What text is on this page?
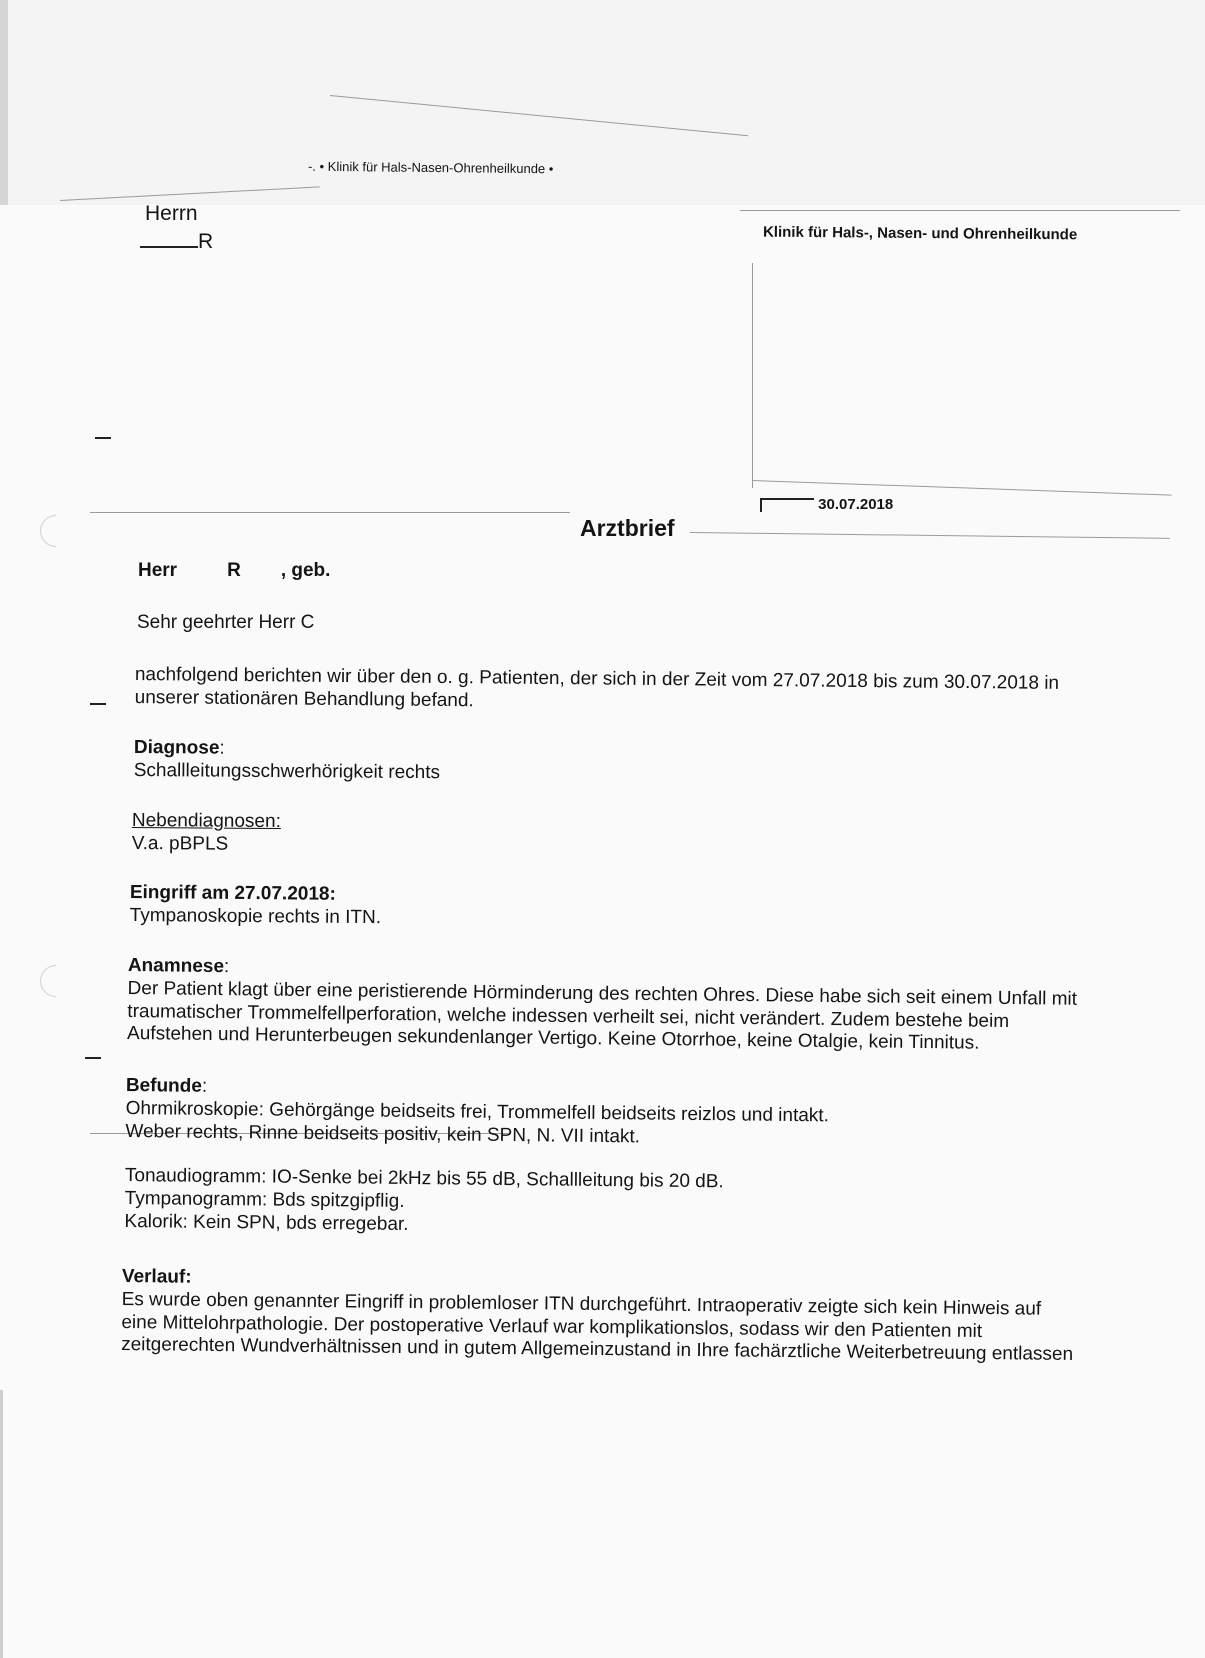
-. • Klinik für Hals-Nasen-Ohrenheilkunde •
Herrn
R	Klinik für Hals-, Nasen- und Ohrenheilkunde
30.07.2018
Arztbrief
Herr	R , geb.
Sehr geehrter Herr C
nachfolgend berichten wir über den o. g. Patienten, der sich in der Zeit vom 27.07.2018 bis zum 30.07.2018 in
unserer stationären Behandlung befand.
Diagnose:
Schallleitungsschwerhörigkeit rechts
Nebendiagnosen:
V.a. pBPLS
Eingriff am 27.07.2018:
Tympanoskopie rechts in ITN.
Anamnese:
Der Patient klagt über eine peristierende Hörminderung des rechten Ohres. Diese habe sich seit einem Unfall mit
traumatischer Trommelfellperforation, welche indessen verheilt sei, nicht verändert. Zudem bestehe beim
Aufstehen und Herunterbeugen sekundenlanger Vertigo. Keine Otorrhoe, keine Otalgie, kein Tinnitus.
Befunde:
Ohrmikroskopie: Gehörgänge beidseits frei, Trommelfell beidseits reizlos und intakt.
Weber rechts, Rinne beidseits positiv, kein SPN, N. VII intakt.
Tonaudiogramm: IO-Senke bei 2kHz bis 55 dB, Schallleitung bis 20 dB.
Tympanogramm: Bds spitzgipflig.
Kalorik: Kein SPN, bds erregebar.
Verlauf:
Es wurde oben genannter Eingriff in problemloser ITN durchgeführt. Intraoperativ zeigte sich kein Hinweis auf
eine Mittelohrpathologie. Der postoperative Verlauf war komplikationslos, sodass wir den Patienten mit
zeitgerechten Wundverhältnissen und in gutem Allgemeinzustand in Ihre fachärztliche Weiterbetreuung entlassen
